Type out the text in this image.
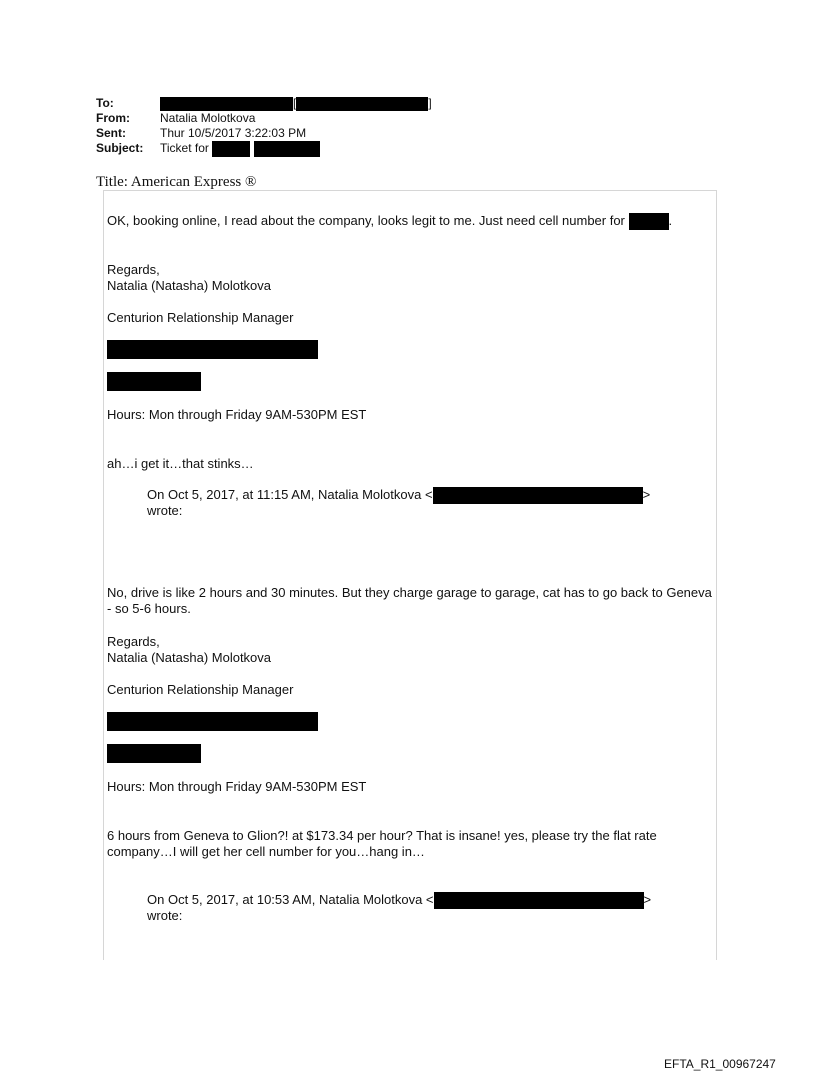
To:	[	]
From:	Natalia Molotkova
Sent:	Thur 10/5/2017 3:22:03 PM
Subject: Ticket for
Title: American Express ®
OK, booking online, I read about the company, looks legit to me. Just need cell number for	.
Regards,
Natalia (Natasha) Molotkova
Centurion Relationship Manager
Hours: Mon through Friday 9AM-530PM EST
ah…i get it…that stinks…
On Oct 5, 2017, at 11:15 AM, Natalia Molotkova <	>
wrote:
No, drive is like 2 hours and 30 minutes. But they charge garage to garage, cat has to go back to Geneva - so 5-6 hours.
Regards,
Natalia (Natasha) Molotkova
Centurion Relationship Manager
Hours: Mon through Friday 9AM-530PM EST
6 hours from Geneva to Glion?! at $173.34 per hour? That is insane! yes, please try the flat rate company…I will get her cell number for you…hang in…
On Oct 5, 2017, at 10:53 AM, Natalia Molotkova <	>
wrote:
EFTA_R1_00967247
